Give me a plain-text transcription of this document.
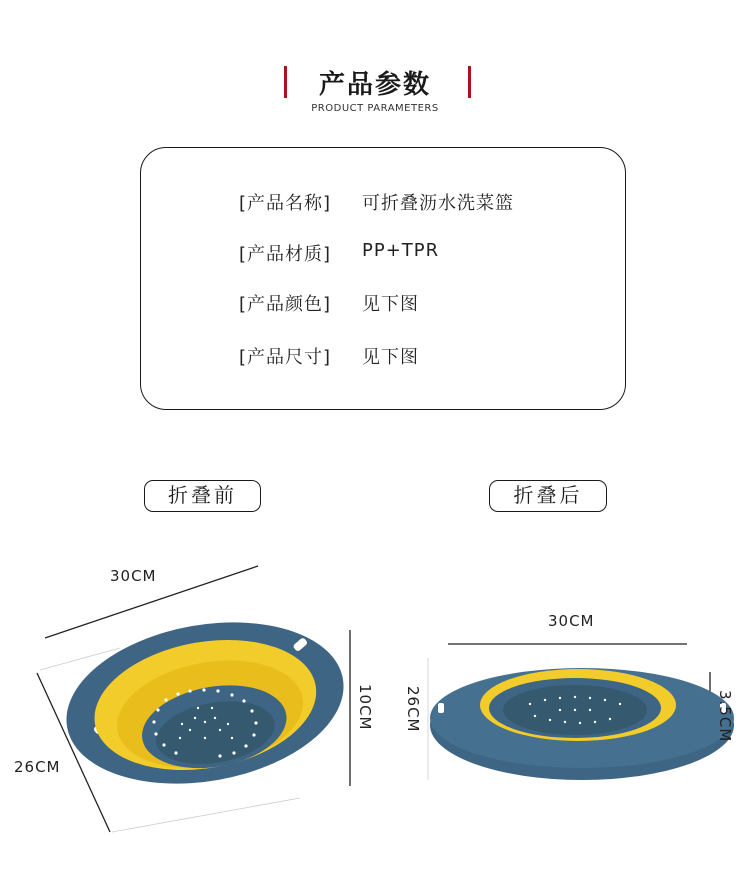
产品参数
PRODUCT PARAMETERS
[产品名称] 可折叠沥水洗菜篮
[产品材质] PP+TPR
[产品颜色] 见下图
[产品尺寸] 见下图
折叠前	折叠后
30CM
26CM
10CM
30CM
26CM	3.5CM
